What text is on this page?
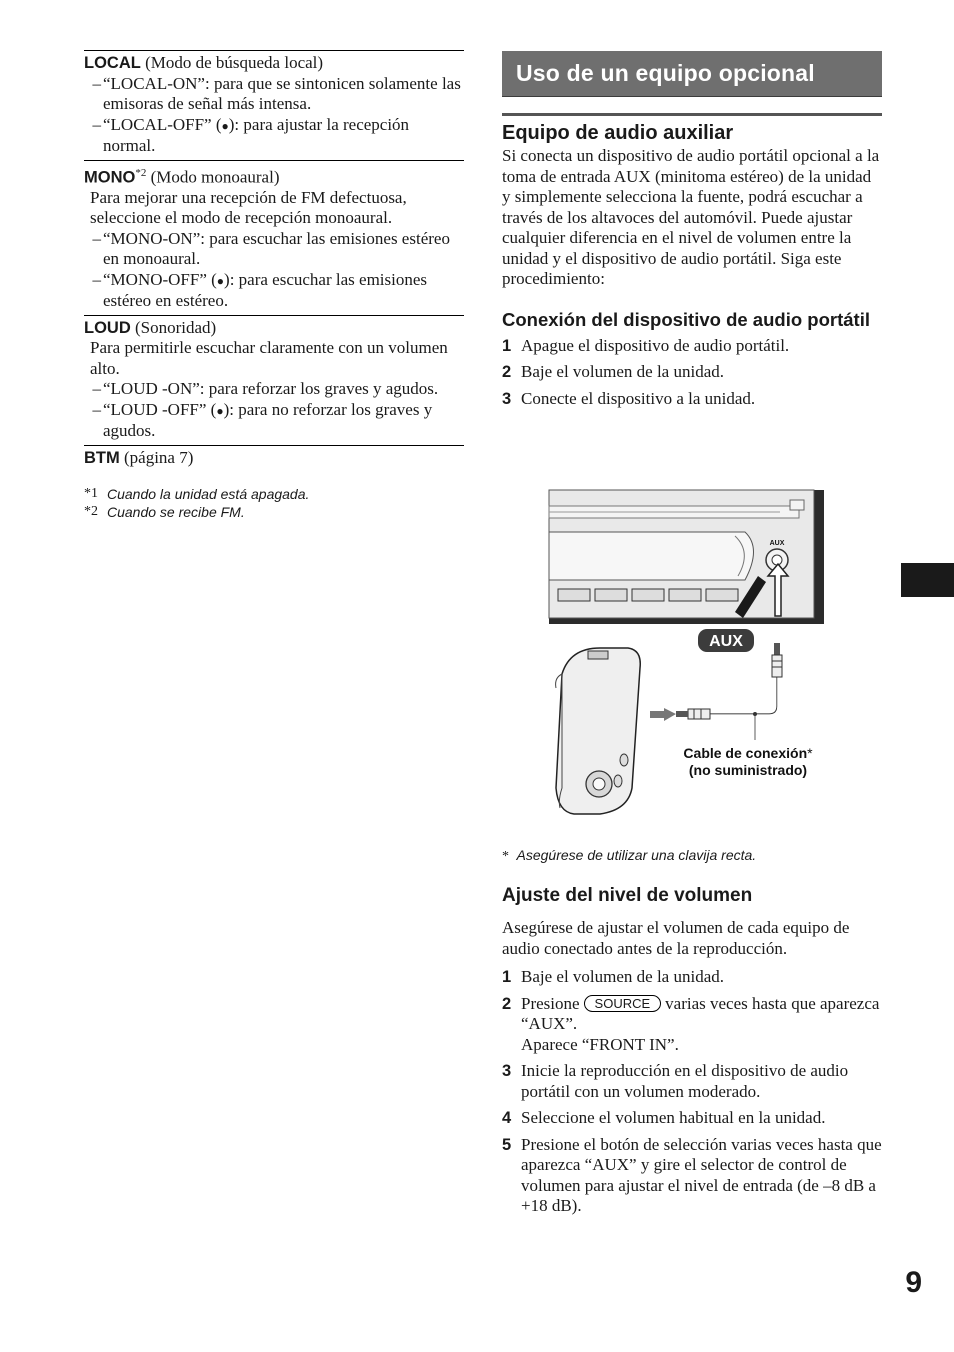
LOCAL (Modo de búsqueda local)
– “LOCAL-ON”: para que se sintonicen solamente las emisoras de señal más intensa.
– “LOCAL-OFF” (●): para ajustar la recepción normal.
MONO$^{*2}$ (Modo monoaural)
Para mejorar una recepción de FM defectuosa, seleccione el modo de recepción monoaural.
– “MONO-ON”: para escuchar las emisiones estéreo en monoaural.
– “MONO-OFF” (●): para escuchar las emisiones estéreo en estéreo.
LOUD (Sonoridad)
Para permitirle escuchar claramente con un volumen alto.
– “LOUD -ON”: para reforzar los graves y agudos.
– “LOUD -OFF” (●): para no reforzar los graves y agudos.
BTM (página 7)
*1 Cuando la unidad está apagada.
*2 Cuando se recibe FM.
Uso de un equipo opcional
Equipo de audio auxiliar
Si conecta un dispositivo de audio portátil opcional a la toma de entrada AUX (minitoma estéreo) de la unidad y simplemente selecciona la fuente, podrá escuchar a través de los altavoces del automóvil. Puede ajustar cualquier diferencia en el nivel de volumen entre la unidad y el dispositivo de audio portátil. Siga este procedimiento:
Conexión del dispositivo de audio portátil
1 Apague el dispositivo de audio portátil.
2 Baje el volumen de la unidad.
3 Conecte el dispositivo a la unidad.
Ajuste del nivel de volumen
Asegúrese de ajustar el volumen de cada equipo de audio conectado antes de la reproducción.
1 Baje el volumen de la unidad.
2 Presione SOURCE varias veces hasta que aparezca “AUX”.
Aparece “FRONT IN”.
3 Inicie la reproducción en el dispositivo de audio portátil con un volumen moderado.
4 Seleccione el volumen habitual en la unidad.
5 Presione el botón de selección varias veces hasta que aparezca “AUX” y gire el selector de control de volumen para ajustar el nivel de entrada (de –8 dB a +18 dB).
AUX
AUX
Cable de conexión*
(no suministrado)
* Asegúrese de utilizar una clavija recta.
9
